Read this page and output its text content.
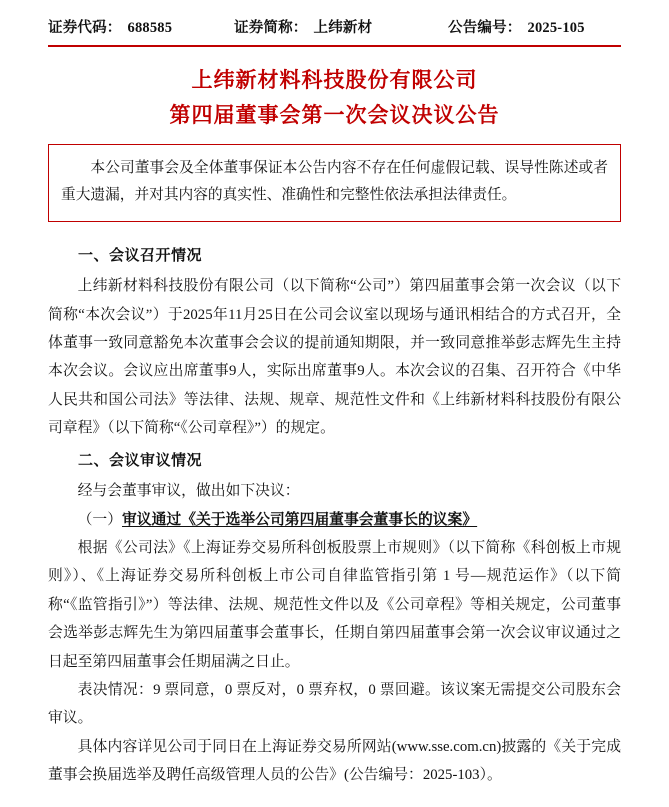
证券代码： 688585	证券简称： 上纬新材	公告编号： 2025-105
上纬新材料科技股份有限公司
第四届董事会第一次会议决议公告

本公司董事会及全体董事保证本公告内容不存在任何虚假记载、误导性陈述或者重大遗漏，并对其内容的真实性、准确性和完整性依法承担法律责任。

一、会议召开情况

上纬新材料科技股份有限公司（以下简称“公司”）第四届董事会第一次会议（以下简称“本次会议”）于2025年11月25日在公司会议室以现场与通讯相结合的方式召开，全体董事一致同意豁免本次董事会会议的提前通知期限，并一致同意推举彭志辉先生主持本次会议。会议应出席董事9人，实际出席董事9人。本次会议的召集、召开符合《中华人民共和国公司法》等法律、法规、规章、规范性文件和《上纬新材料科技股份有限公司章程》（以下简称“《公司章程》”）的规定。

二、会议审议情况

经与会董事审议，做出如下决议：

（一）审议通过《关于选举公司第四届董事会董事长的议案》

根据《公司法》《上海证券交易所科创板股票上市规则》（以下简称《科创板上市规则》）、《上海证券交易所科创板上市公司自律监管指引第 1 号—规范运作》（以下简称“《监管指引》”）等法律、法规、规范性文件以及《公司章程》等相关规定，公司董事会选举彭志辉先生为第四届董事会董事长，任期自第四届董事会第一次会议审议通过之日起至第四届董事会任期届满之日止。

表决情况：9 票同意，0 票反对，0 票弃权，0 票回避。该议案无需提交公司股东会审议。

具体内容详见公司于同日在上海证券交易所网站(www.sse.com.cn)披露的《关于完成董事会换届选举及聘任高级管理人员的公告》(公告编号：2025-103）。
